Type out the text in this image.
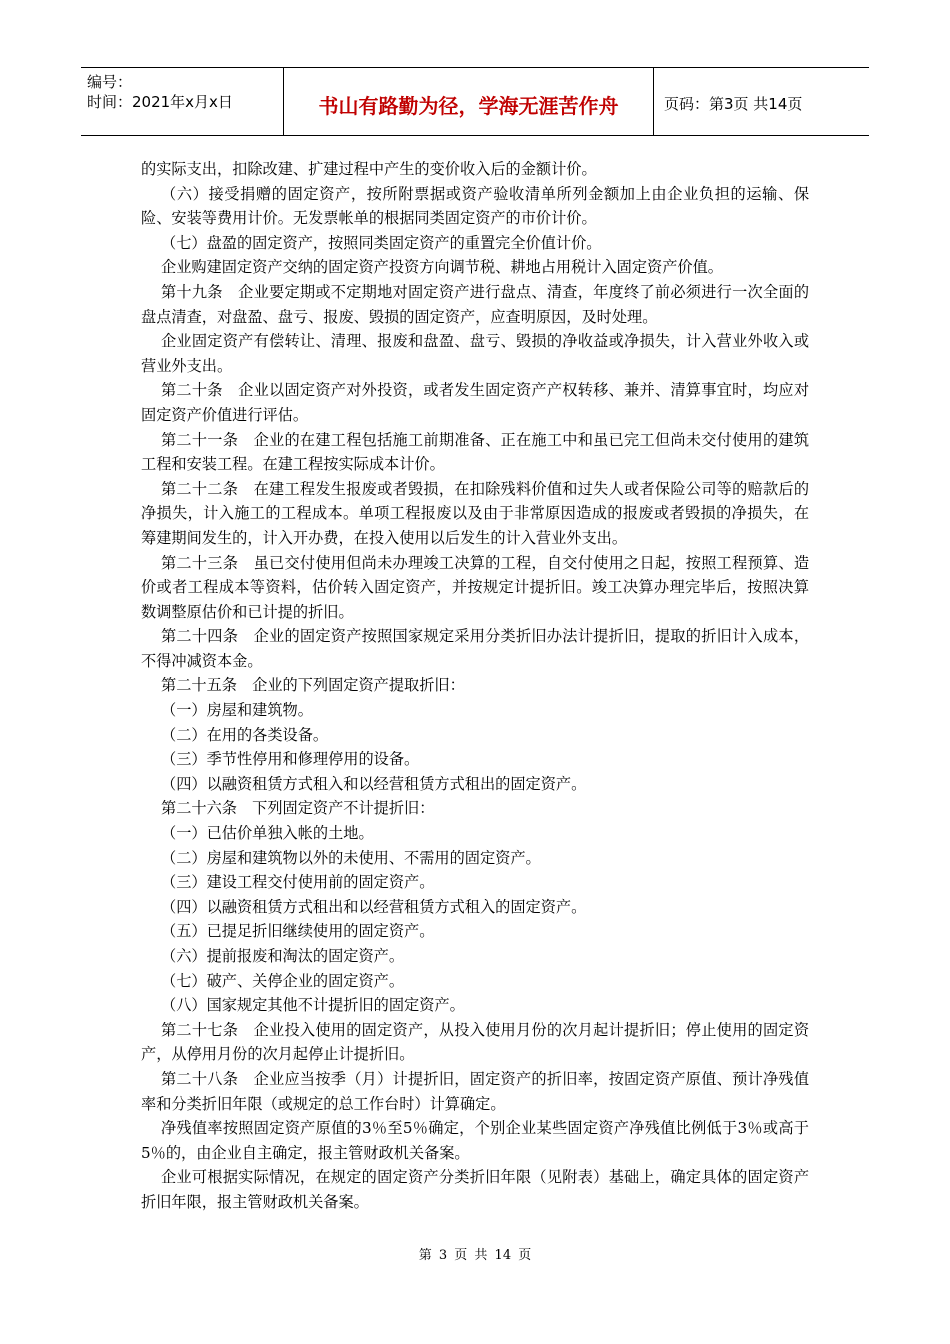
编号：
时间：2021年x月x日	书山有路勤为径，学海无涯苦作舟	页码：第3页 共14页

的实际支出，扣除改建、扩建过程中产生的变价收入后的金额计价。

（六）接受捐赠的固定资产，按所附票据或资产验收清单所列金额加上由企业负担的运输、保险、安装等费用计价。无发票帐单的根据同类固定资产的市价计价。

（七）盘盈的固定资产，按照同类固定资产的重置完全价值计价。

企业购建固定资产交纳的固定资产投资方向调节税、耕地占用税计入固定资产价值。

第十九条　企业要定期或不定期地对固定资产进行盘点、清查，年度终了前必须进行一次全面的盘点清查，对盘盈、盘亏、报废、毁损的固定资产，应查明原因，及时处理。

企业固定资产有偿转让、清理、报废和盘盈、盘亏、毁损的净收益或净损失，计入营业外收入或营业外支出。

第二十条　企业以固定资产对外投资，或者发生固定资产产权转移、兼并、清算事宜时，均应对固定资产价值进行评估。

第二十一条　企业的在建工程包括施工前期准备、正在施工中和虽已完工但尚未交付使用的建筑工程和安装工程。在建工程按实际成本计价。

第二十二条　在建工程发生报废或者毁损，在扣除残料价值和过失人或者保险公司等的赔款后的净损失，计入施工的工程成本。单项工程报废以及由于非常原因造成的报废或者毁损的净损失，在筹建期间发生的，计入开办费，在投入使用以后发生的计入营业外支出。

第二十三条　虽已交付使用但尚未办理竣工决算的工程，自交付使用之日起，按照工程预算、造价或者工程成本等资料，估价转入固定资产，并按规定计提折旧。竣工决算办理完毕后，按照决算数调整原估价和已计提的折旧。

第二十四条　企业的固定资产按照国家规定采用分类折旧办法计提折旧，提取的折旧计入成本，不得冲减资本金。

第二十五条　企业的下列固定资产提取折旧：

（一）房屋和建筑物。

（二）在用的各类设备。

（三）季节性停用和修理停用的设备。

（四）以融资租赁方式租入和以经营租赁方式租出的固定资产。

第二十六条　下列固定资产不计提折旧：

（一）已估价单独入帐的土地。

（二）房屋和建筑物以外的未使用、不需用的固定资产。

（三）建设工程交付使用前的固定资产。

（四）以融资租赁方式租出和以经营租赁方式租入的固定资产。

（五）已提足折旧继续使用的固定资产。

（六）提前报废和淘汰的固定资产。

（七）破产、关停企业的固定资产。

（八）国家规定其他不计提折旧的固定资产。

第二十七条　企业投入使用的固定资产，从投入使用月份的次月起计提折旧；停止使用的固定资产，从停用月份的次月起停止计提折旧。

第二十八条　企业应当按季（月）计提折旧，固定资产的折旧率，按固定资产原值、预计净残值率和分类折旧年限（或规定的总工作台时）计算确定。

净残值率按照固定资产原值的3％至5％确定，个别企业某些固定资产净残值比例低于3％或高于5％的，由企业自主确定，报主管财政机关备案。

企业可根据实际情况，在规定的固定资产分类折旧年限（见附表）基础上，确定具体的固定资产折旧年限，报主管财政机关备案。

第 3 页 共 14 页
